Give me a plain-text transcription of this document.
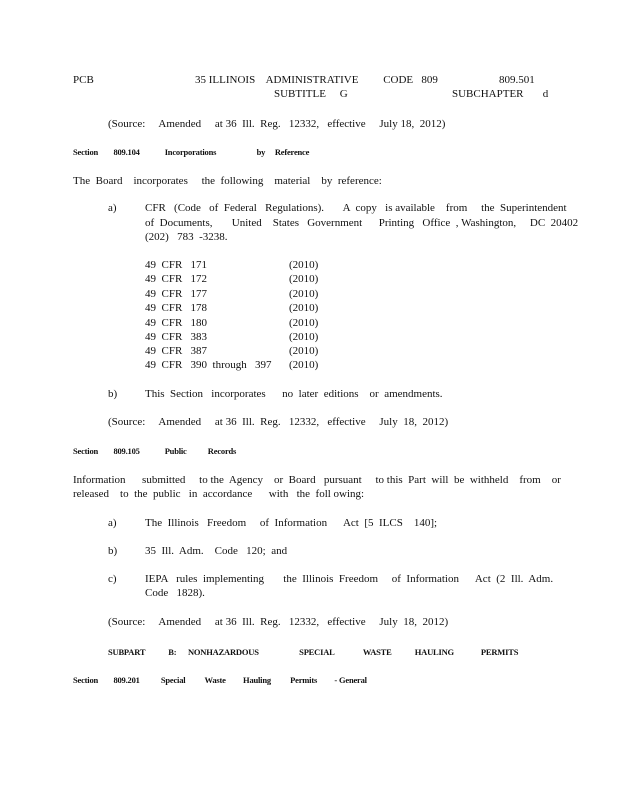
PCB	35 ILLINOIS    ADMINISTRATIVE         CODE   809	809.501
SUBTITLE     G	SUBCHAPTER       d
(Source:     Amended     at 36  Ill.  Reg.   12332,   effective     July 18,  2012)
Section        809.104             Incorporations                     by     Reference
The  Board    incorporates     the  following    material    by  reference:
a)	CFR   (Code   of  Federal   Regulations).       A  copy   is available    from     the  Superintendent
of  Documents,       United    States   Government      Printing   Office  , Washington,     DC  20402
(202)   783  -3238.
49  CFR   171	(2010)
49  CFR   172	(2010)
49  CFR   177	(2010)
49  CFR   178	(2010)
49  CFR   180	(2010)
49  CFR   383	(2010)
49  CFR   387	(2010)
49  CFR   390  through   397 (2010)
b)	This  Section   incorporates      no  later  editions    or  amendments.
(Source:     Amended     at 36  Ill.  Reg.   12332,   effective     July  18,  2012)
Section        809.105             Public           Records
Information      submitted     to the  Agency    or  Board   pursuant     to this  Part  will  be  withheld    from    or
released    to  the  public   in  accordance      with   the  foll owing:
a)	The  Illinois   Freedom     of  Information      Act  [5  ILCS    140];
b)	35  Ill.  Adm.    Code   120;  and
c)	IEPA   rules  implementing       the  Illinois  Freedom     of  Information      Act  (2  Ill.  Adm.
Code   1828).
(Source:     Amended     at 36  Ill.  Reg.   12332,   effective     July  18,  2012)
SUBPART            B:      NONHAZARDOUS                     SPECIAL               WASTE            HAULING              PERMITS
Section        809.201           Special          Waste         Hauling          Permits         - General
